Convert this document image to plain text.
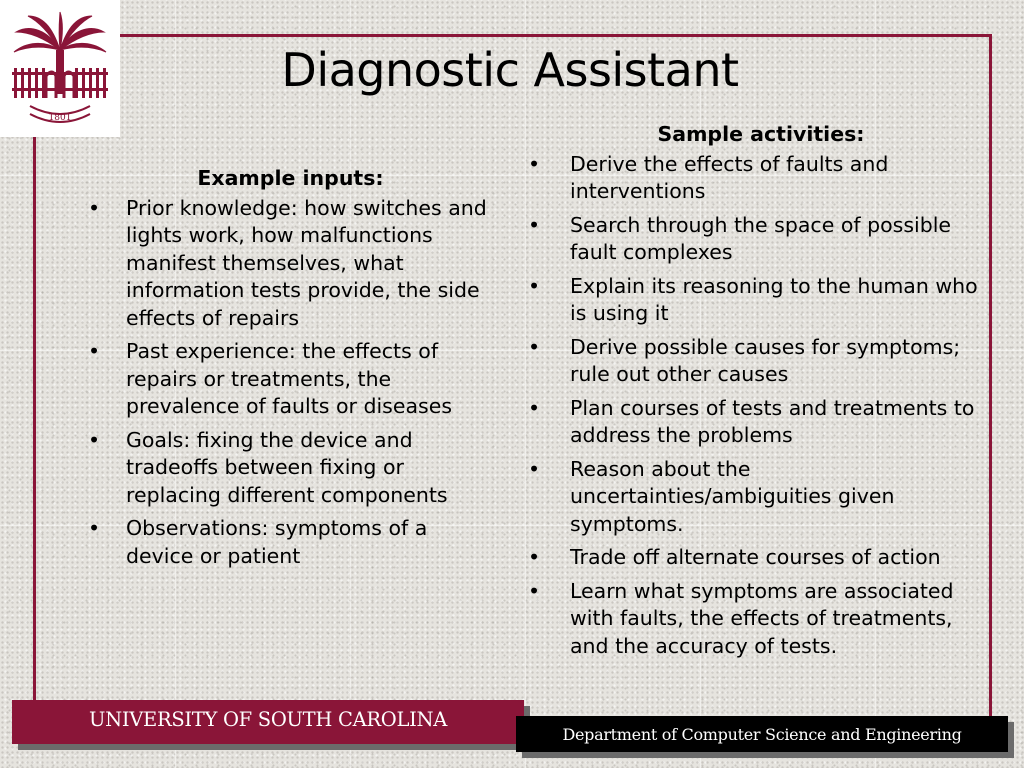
1801
Diagnostic Assistant
Example inputs:
• Prior knowledge: how switches and lights work, how malfunctions manifest themselves, what information tests provide, the side effects of repairs
• Past experience: the effects of repairs or treatments, the prevalence of faults or diseases
• Goals: fixing the device and tradeoffs between fixing or replacing different components
• Observations: symptoms of a device or patient
Sample activities:
• Derive the effects of faults and interventions
• Search through the space of possible fault complexes
• Explain its reasoning to the human who is using it
• Derive possible causes for symptoms; rule out other causes
• Plan courses of tests and treatments to address the problems
• Reason about the uncertainties/ambiguities given symptoms.
• Trade off alternate courses of action
• Learn what symptoms are associated with faults, the effects of treatments, and the accuracy of tests.
UNIVERSITY OF SOUTH CAROLINA
Department of Computer Science and Engineering
